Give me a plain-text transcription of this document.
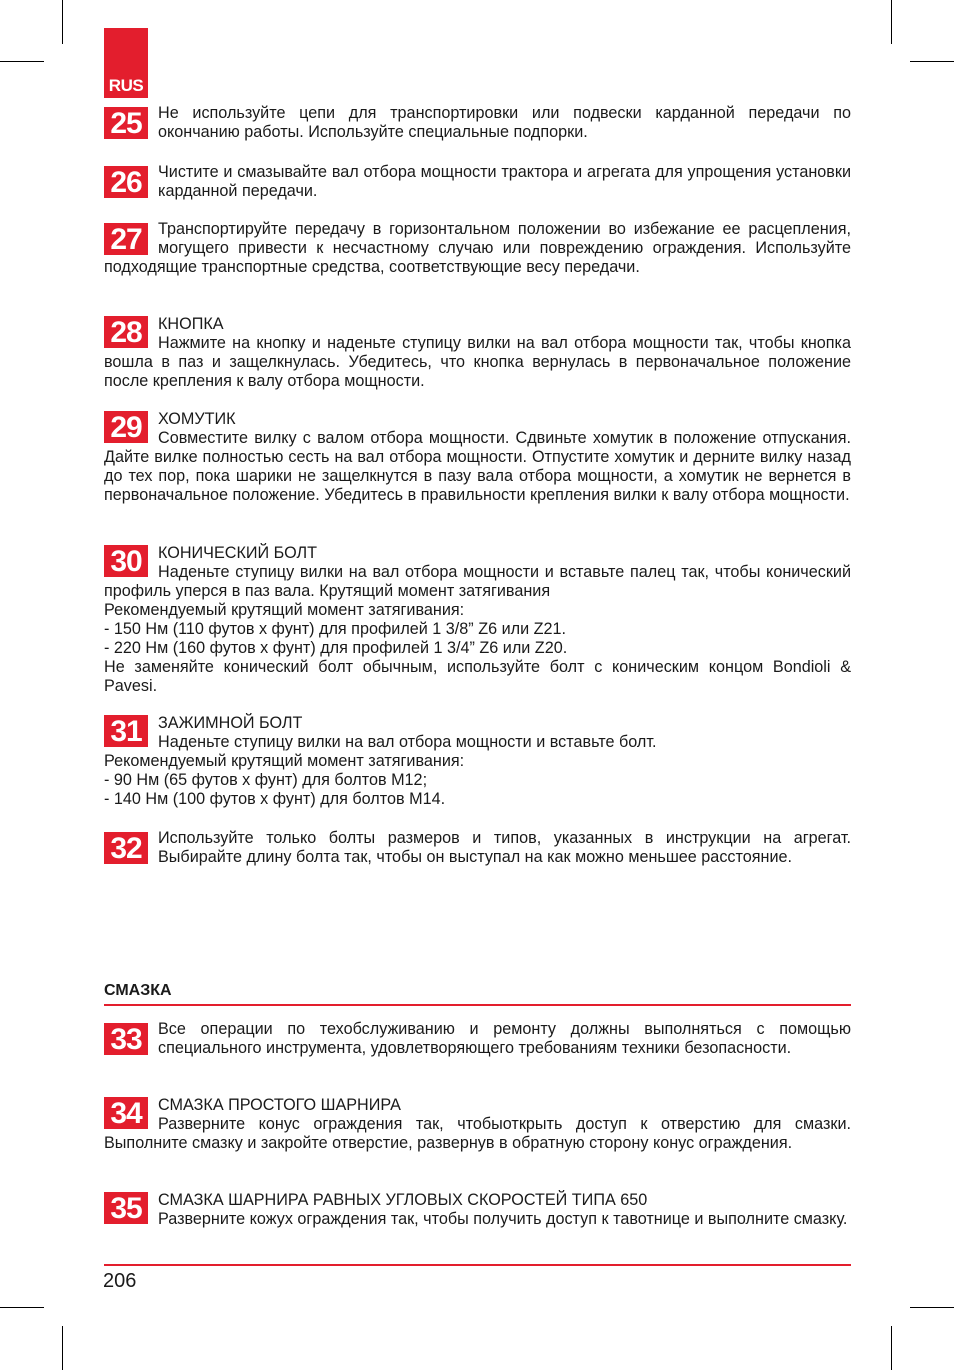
RUS
25	Не используйте цепи для транспортировки или подвески карданной передачи по окончанию работы. Используйте специальные подпорки.

26	Чистите и смазывайте вал отбора мощности трактора и агрегата для упрощения установки карданной передачи.

27	Транспортируйте передачу в горизонтальном положении во избежание ее расцепления, могущего привести к несчастному случаю или повреждению ограждения. Используйте подходящие транспортные средства, соответствующие весу передачи.

28	КНОПКА

Нажмите на кнопку и наденьте ступицу вилки на вал отбора мощности так, чтобы кнопка вошла в паз и защелкнулась. Убедитесь, что кнопка вернулась в первоначальное положение после крепления к валу отбора мощности.

29	ХОМУТИК

Совместите вилку с валом отбора мощности. Сдвиньте хомутик в положение отпускания. Дайте вилке полностью сесть на вал отбора мощности. Отпустите хомутик и дерните вилку назад до тех пор, пока шарики не защелкнутся в пазу вала отбора мощности, а хомутик не вернется в первоначальное положение. Убедитесь в правильности крепления вилки к валу отбора мощности.

30	КОНИЧЕСКИЙ БОЛТ

Наденьте ступицу вилки на вал отбора мощности и вставьте палец так, чтобы конический профиль уперся в паз вала. Крутящий момент затягивания

Рекомендуемый крутящий момент затягивания:
- 150 Нм (110 футов x фунт) для профилей 1 3/8” Z6 или Z21.
- 220 Нм (160 футов x фунт) для профилей 1 3/4” Z6 или Z20.

Не заменяйте конический болт обычным, используйте болт с коническим концом Bondioli & Pavesi.

31	ЗАЖИМНОЙ БОЛТ

Наденьте ступицу вилки на вал отбора мощности и вставьте болт.

Рекомендуемый крутящий момент затягивания:
- 90 Нм (65 футов x фунт) для болтов M12;
- 140 Нм (100 футов x фунт) для болтов M14.
32	Используйте только болты размеров и типов, указанных в инструкции на агрегат. Выбирайте длину болта так, чтобы он выступал на как можно меньшее расстояние.

СМАЗКА
33	Все операции по техобслуживанию и ремонту должны выполняться с помощью специального инструмента, удовлетворяющего требованиям техники безопасности.

34	СМАЗКА ПРОСТОГО ШАРНИРА

Разверните конус ограждения так, чтобыоткрыть доступ к отверстию для смазки. Выполните смазку и закройте отверстие, развернув в обратную сторону конус ограждения.

35	СМАЗКА ШАРНИРА РАВНЫХ УГЛОВЫХ СКОРОСТЕЙ ТИПА 650

Разверните кожух ограждения так, чтобы получить доступ к тавотнице и выполните смазку.

206
